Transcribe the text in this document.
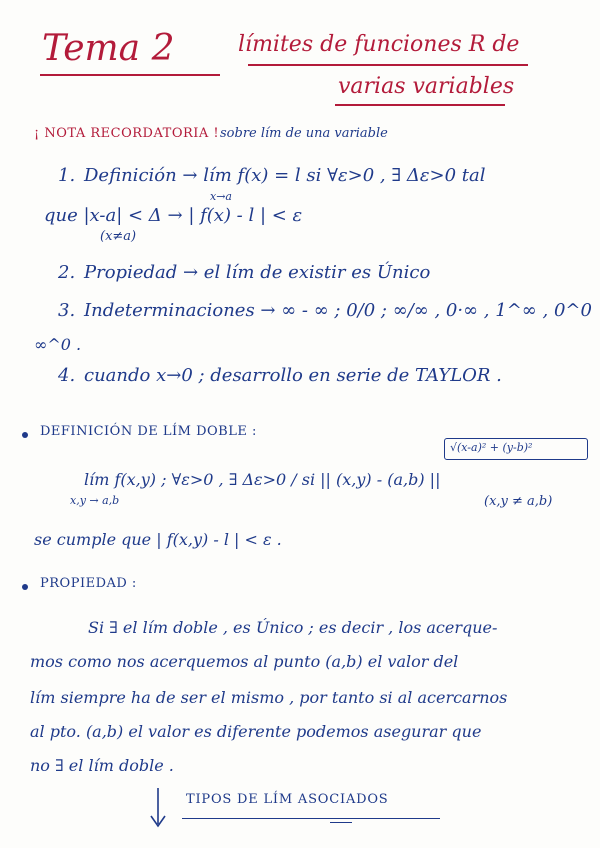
Tema 2	límites de funciones R de
varias variables
¡ NOTA RECORDATORIA ! sobre lím de una variable
1. Definición → lím f(x) = l si ∀ε>0 , ∃ Δε>0 tal
x→a
que |x-a| < Δ → | f(x) - l | < ε
(x≠a)
2. Propiedad → el lím de existir es Único
3. Indeterminaciones → ∞ - ∞ ; 0/0 ; ∞/∞ , 0·∞ , 1^∞ , 0^0
∞^0 .
4. cuando x→0 ; desarrollo en serie de TAYLOR .
DEFINICIÓN DE LÍM DOBLE :
√(x-a)² + (y-b)²
lím f(x,y) ; ∀ε>0 , ∃ Δε>0 / si || (x,y) - (a,b) ||
x,y → a,b	(x,y ≠ a,b)
se cumple que | f(x,y) - l | < ε .
PROPIEDAD :
Si ∃ el lím doble , es Único ; es decir , los acerque-
mos como nos acerquemos al punto (a,b) el valor del
lím siempre ha de ser el mismo , por tanto si al acercarnos
al pto. (a,b) el valor es diferente podemos asegurar que
no ∃ el lím doble .
TIPOS DE LÍM ASOCIADOS
